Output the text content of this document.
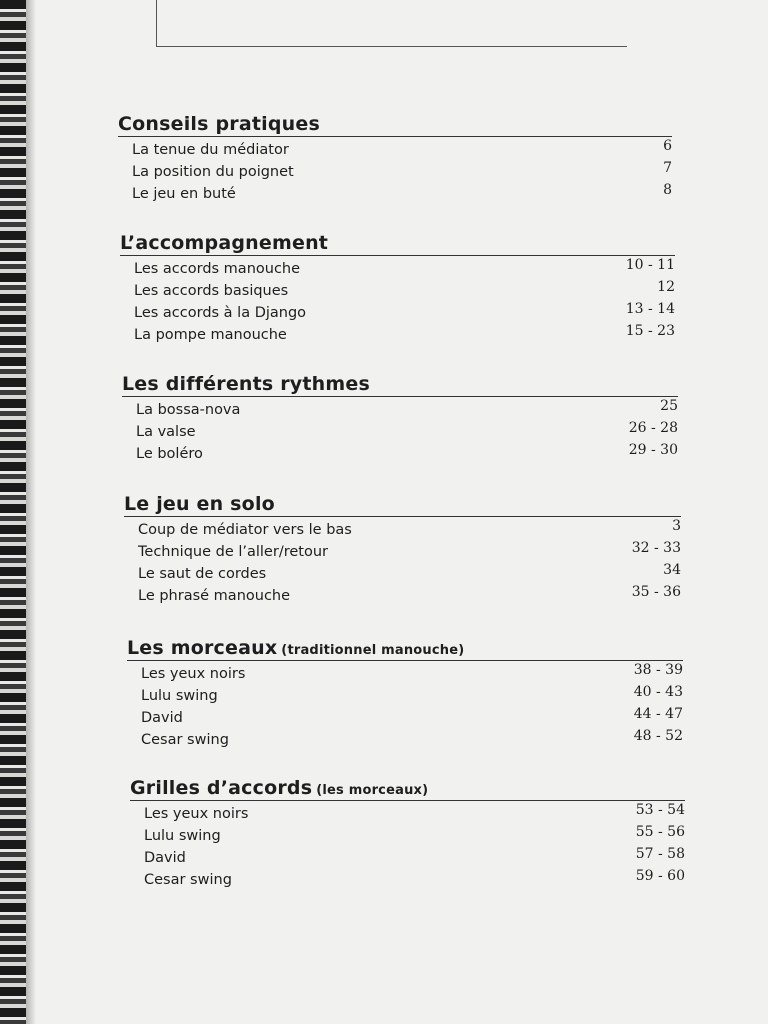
Conseils pratiques
La tenue du médiator	6
La position du poignet	7
Le jeu en buté	8
L’accompagnement
Les accords manouche	10 - 11
Les accords basiques	12
Les accords à la Django	13 - 14
La pompe manouche	15 - 23
Les différents rythmes
La bossa-nova	25
La valse	26 - 28
Le boléro	29 - 30
Le jeu en solo
Coup de médiator vers le bas	3
Technique de l’aller/retour	32 - 33
Le saut de cordes	34
Le phrasé manouche	35 - 36
Les morceaux (traditionnel manouche)
Les yeux noirs	38 - 39
Lulu swing	40 - 43
David	44 - 47
Cesar swing	48 - 52
Grilles d’accords (les morceaux)
Les yeux noirs	53 - 54
Lulu swing	55 - 56
David	57 - 58
Cesar swing	59 - 60
